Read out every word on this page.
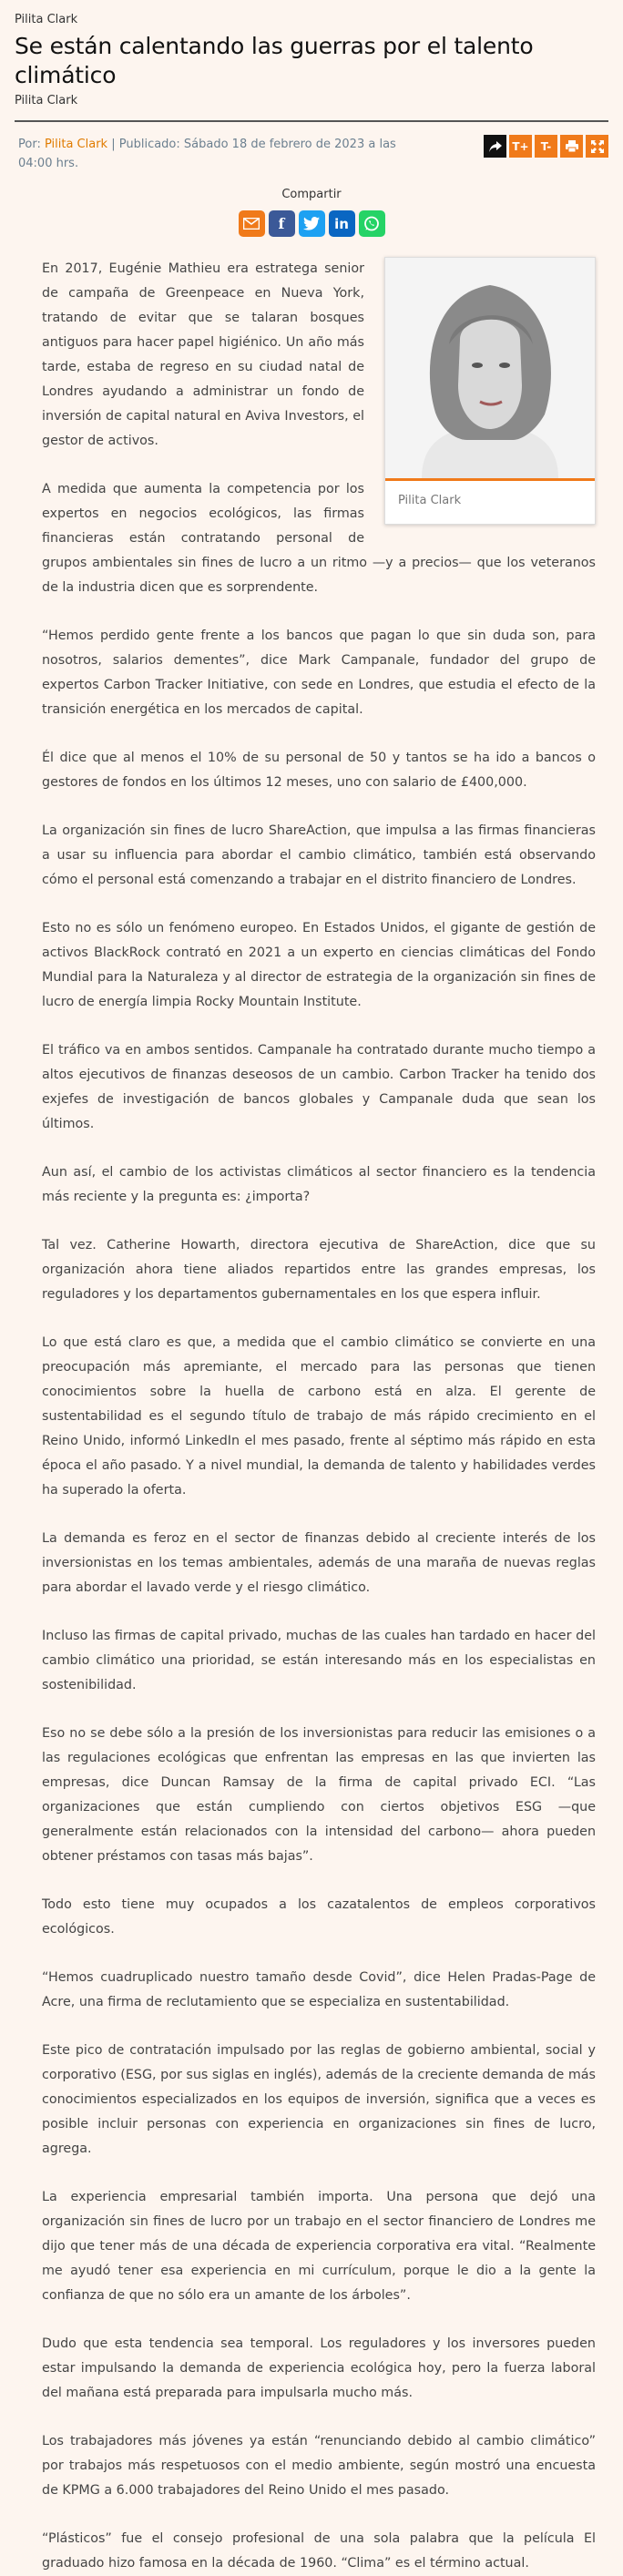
Pilita Clark
Se están calentando las guerras por el talento climático
Pilita Clark
Por: Pilita Clark | Publicado: Sábado 18 de febrero de 2023 a las 04:00 hrs.
T+ T-
Compartir
f	in
Pilita Clark

En 2017, Eugénie Mathieu era estratega senior de campaña de Greenpeace en Nueva York, tratando de evitar que se talaran bosques antiguos para hacer papel higiénico. Un año más tarde, estaba de regreso en su ciudad natal de Londres ayudando a administrar un fondo de inversión de capital natural en Aviva Investors, el gestor de activos.

A medida que aumenta la competencia por los expertos en negocios ecológicos, las firmas financieras están contratando personal de grupos ambientales sin fines de lucro a un ritmo —y a precios— que los veteranos de la industria dicen que es sorprendente.

“Hemos perdido gente frente a los bancos que pagan lo que sin duda son, para nosotros, salarios dementes”, dice Mark Campanale, fundador del grupo de expertos Carbon Tracker Initiative, con sede en Londres, que estudia el efecto de la transición energética en los mercados de capital.

Él dice que al menos el 10% de su personal de 50 y tantos se ha ido a bancos o gestores de fondos en los últimos 12 meses, uno con salario de £400,000.

La organización sin fines de lucro ShareAction, que impulsa a las firmas financieras a usar su influencia para abordar el cambio climático, también está observando cómo el personal está comenzando a trabajar en el distrito financiero de Londres.

Esto no es sólo un fenómeno europeo. En Estados Unidos, el gigante de gestión de activos BlackRock contrató en 2021 a un experto en ciencias climáticas del Fondo Mundial para la Naturaleza y al director de estrategia de la organización sin fines de lucro de energía limpia Rocky Mountain Institute.

El tráfico va en ambos sentidos. Campanale ha contratado durante mucho tiempo a altos ejecutivos de finanzas deseosos de un cambio. Carbon Tracker ha tenido dos exjefes de investigación de bancos globales y Campanale duda que sean los últimos.

Aun así, el cambio de los activistas climáticos al sector financiero es la tendencia más reciente y la pregunta es: ¿importa?

Tal vez. Catherine Howarth, directora ejecutiva de ShareAction, dice que su organización ahora tiene aliados repartidos entre las grandes empresas, los reguladores y los departamentos gubernamentales en los que espera influir.

Lo que está claro es que, a medida que el cambio climático se convierte en una preocupación más apremiante, el mercado para las personas que tienen conocimientos sobre la huella de carbono está en alza. El gerente de sustentabilidad es el segundo título de trabajo de más rápido crecimiento en el Reino Unido, informó LinkedIn el mes pasado, frente al séptimo más rápido en esta época el año pasado. Y a nivel mundial, la demanda de talento y habilidades verdes ha superado la oferta.

La demanda es feroz en el sector de finanzas debido al creciente interés de los inversionistas en los temas ambientales, además de una maraña de nuevas reglas para abordar el lavado verde y el riesgo climático.

Incluso las firmas de capital privado, muchas de las cuales han tardado en hacer del cambio climático una prioridad, se están interesando más en los especialistas en sostenibilidad.

Eso no se debe sólo a la presión de los inversionistas para reducir las emisiones o a las regulaciones ecológicas que enfrentan las empresas en las que invierten las empresas, dice Duncan Ramsay de la firma de capital privado ECI. “Las organizaciones que están cumpliendo con ciertos objetivos ESG —que generalmente están relacionados con la intensidad del carbono— ahora pueden obtener préstamos con tasas más bajas”.

Todo esto tiene muy ocupados a los cazatalentos de empleos corporativos ecológicos.

“Hemos cuadruplicado nuestro tamaño desde Covid”, dice Helen Pradas-Page de Acre, una firma de reclutamiento que se especializa en sustentabilidad.

Este pico de contratación impulsado por las reglas de gobierno ambiental, social y corporativo (ESG, por sus siglas en inglés), además de la creciente demanda de más conocimientos especializados en los equipos de inversión, significa que a veces es posible incluir personas con experiencia en organizaciones sin fines de lucro, agrega.

La experiencia empresarial también importa. Una persona que dejó una organización sin fines de lucro por un trabajo en el sector financiero de Londres me dijo que tener más de una década de experiencia corporativa era vital. “Realmente me ayudó tener esa experiencia en mi currículum, porque le dio a la gente la confianza de que no sólo era un amante de los árboles”.

Dudo que esta tendencia sea temporal. Los reguladores y los inversores pueden estar impulsando la demanda de experiencia ecológica hoy, pero la fuerza laboral del mañana está preparada para impulsarla mucho más.

Los trabajadores más jóvenes ya están “renunciando debido al cambio climático” por trabajos más respetuosos con el medio ambiente, según mostró una encuesta de KPMG a 6.000 trabajadores del Reino Unido el mes pasado.

“Plásticos” fue el consejo profesional de una sola palabra que la película El graduado hizo famosa en la década de 1960. “Clima” es el término actual.
